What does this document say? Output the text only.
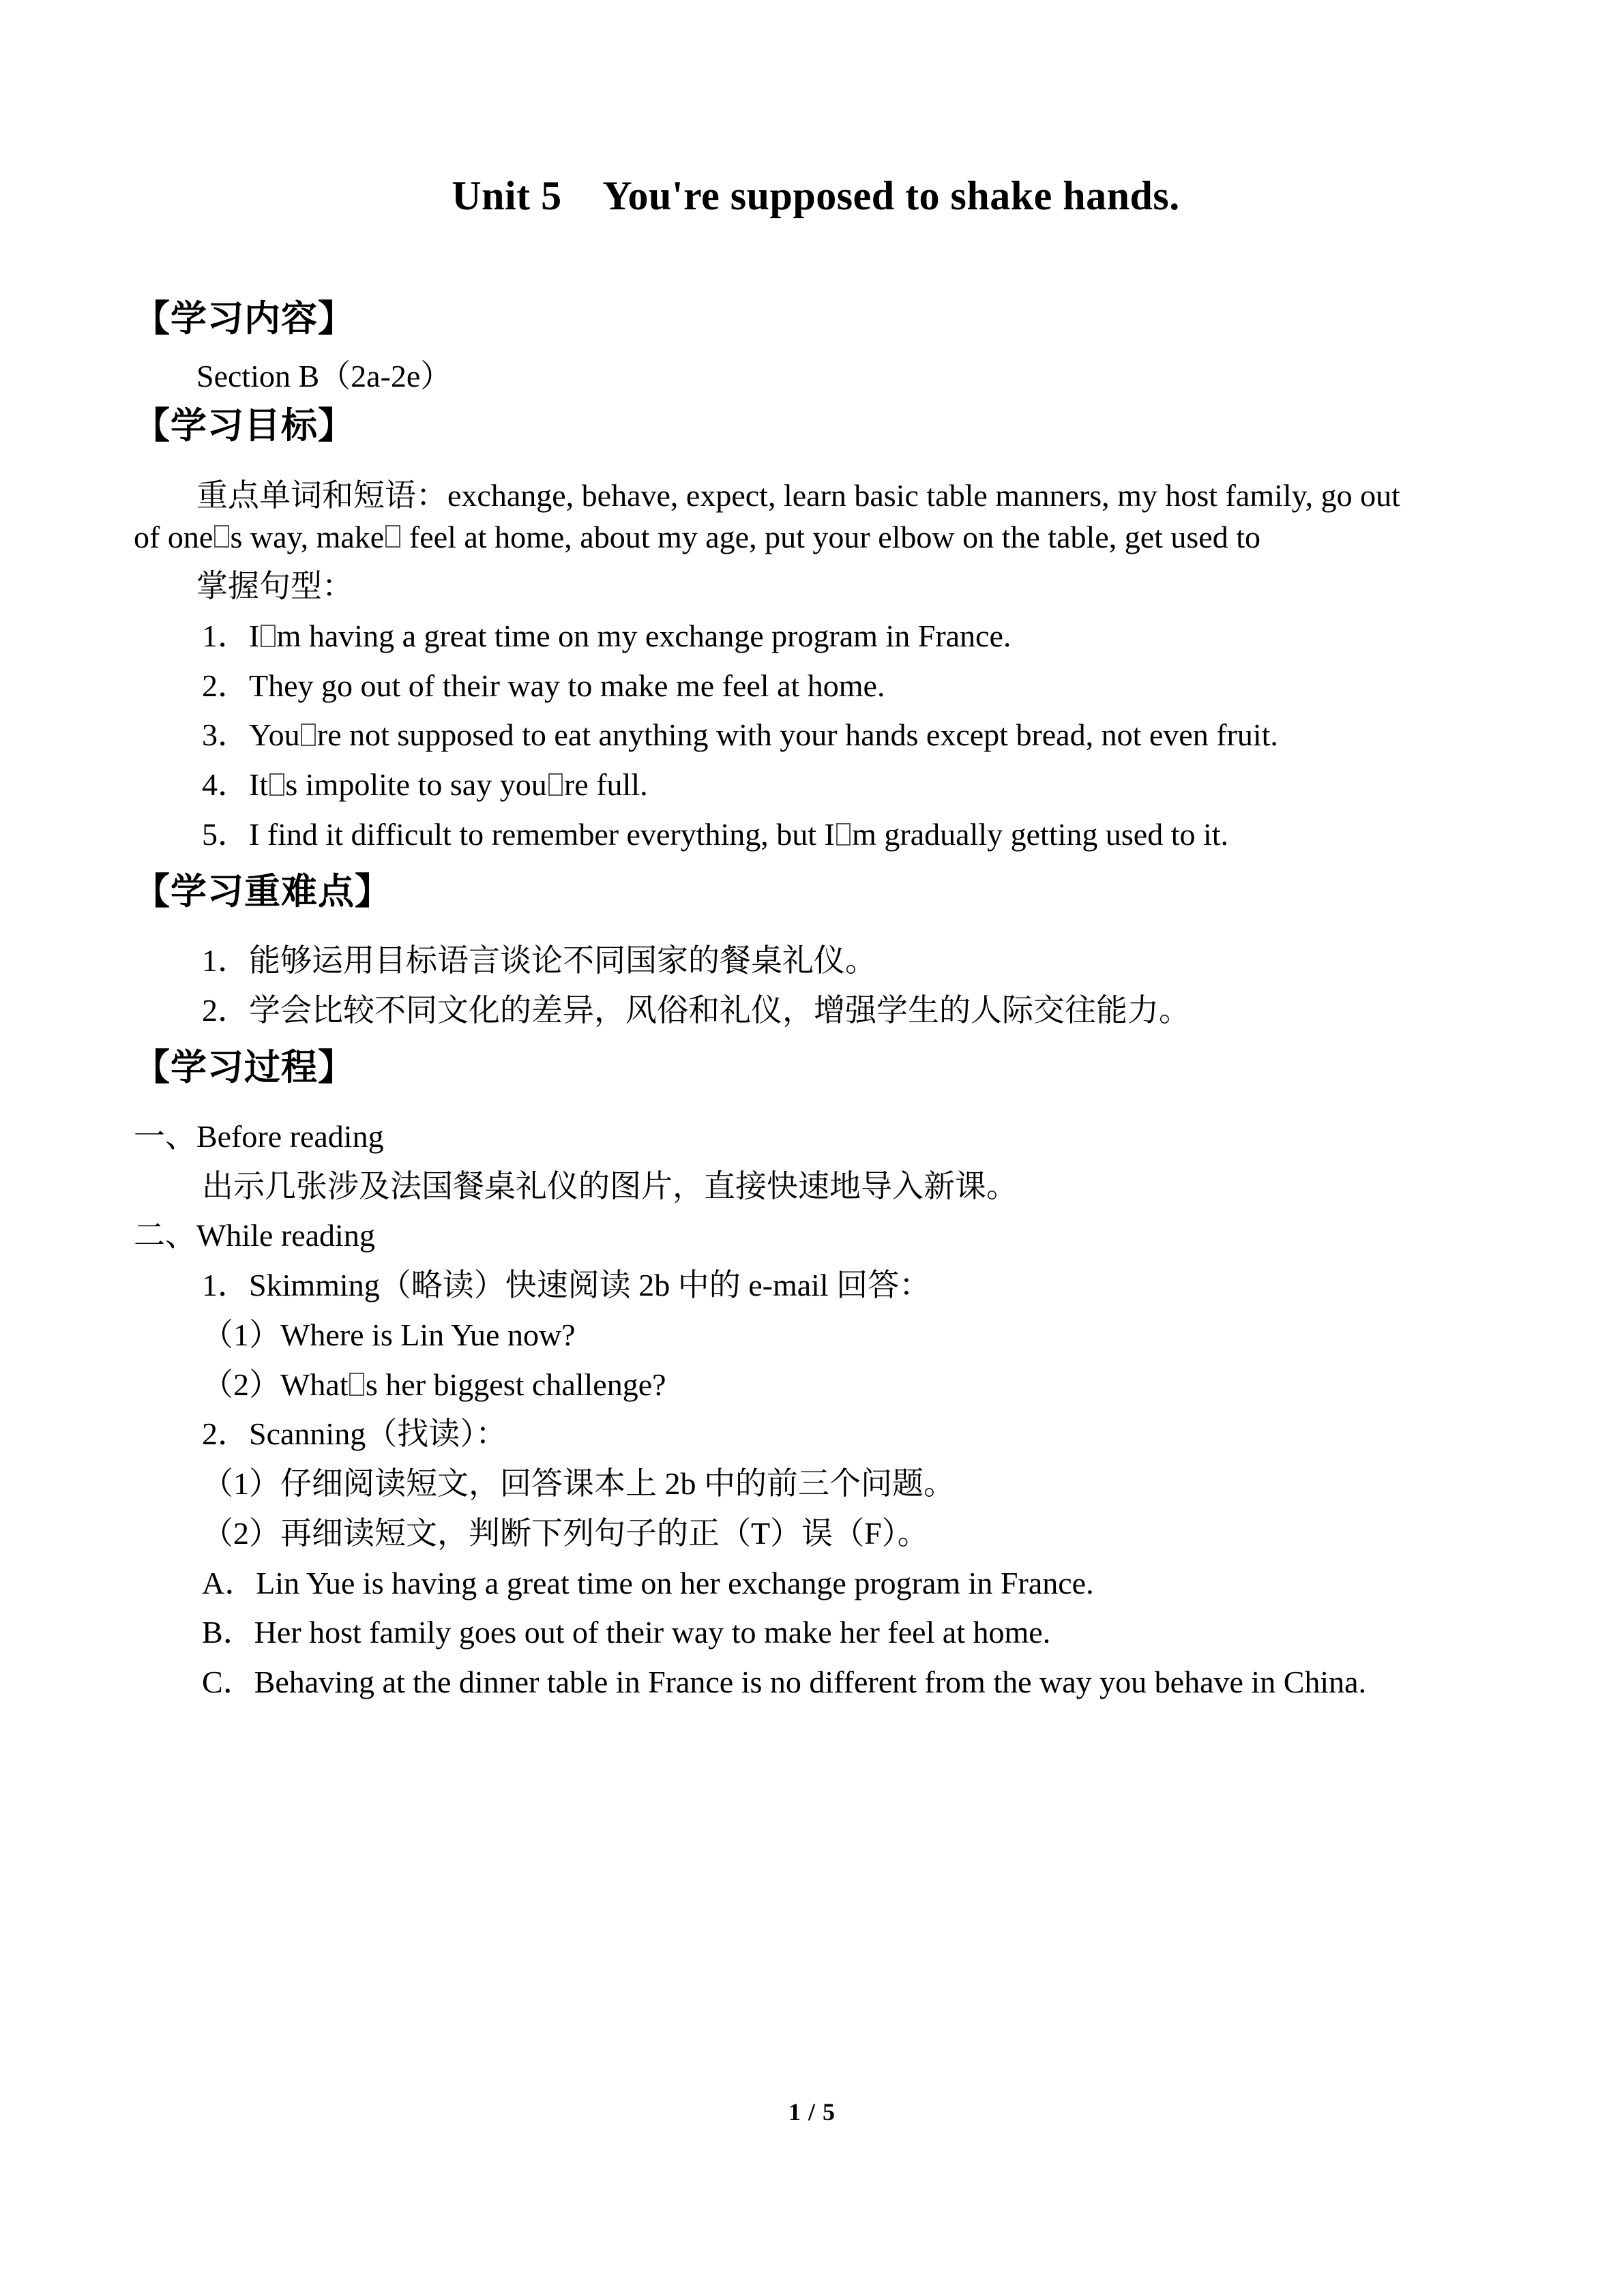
Unit 5    You're supposed to shake hands.
【学习内容】
Section B（2a-2e）
【学习目标】
重点单词和短语：exchange, behave, expect, learn basic table manners, my host family, go out
of one s way, make feel at home, about my age, put your elbow on the table, get used to
掌握句型：
1．I m having a great time on my exchange program in France.
2．They go out of their way to make me feel at home.
3．You re not supposed to eat anything with your hands except bread, not even fruit.
4．It s impolite to say you re full.
5．I find it difficult to remember everything, but I m gradually getting used to it.
【学习重难点】
1．能够运用目标语言谈论不同国家的餐桌礼仪。
2．学会比较不同文化的差异，风俗和礼仪，增强学生的人际交往能力。
【学习过程】
一、Before reading
出示几张涉及法国餐桌礼仪的图片，直接快速地导入新课。
二、While reading
1．Skimming（略读）快速阅读 2b 中的 e-mail 回答：
（1）Where is Lin Yue now?
（2）What s her biggest challenge?
2．Scanning（找读）：
（1）仔细阅读短文，回答课本上 2b 中的前三个问题。
（2）再细读短文，判断下列句子的正（T）误（F）。
A．Lin Yue is having a great time on her exchange program in France.
B．Her host family goes out of their way to make her feel at home.
C．Behaving at the dinner table in France is no different from the way you behave in China.
1 / 5
